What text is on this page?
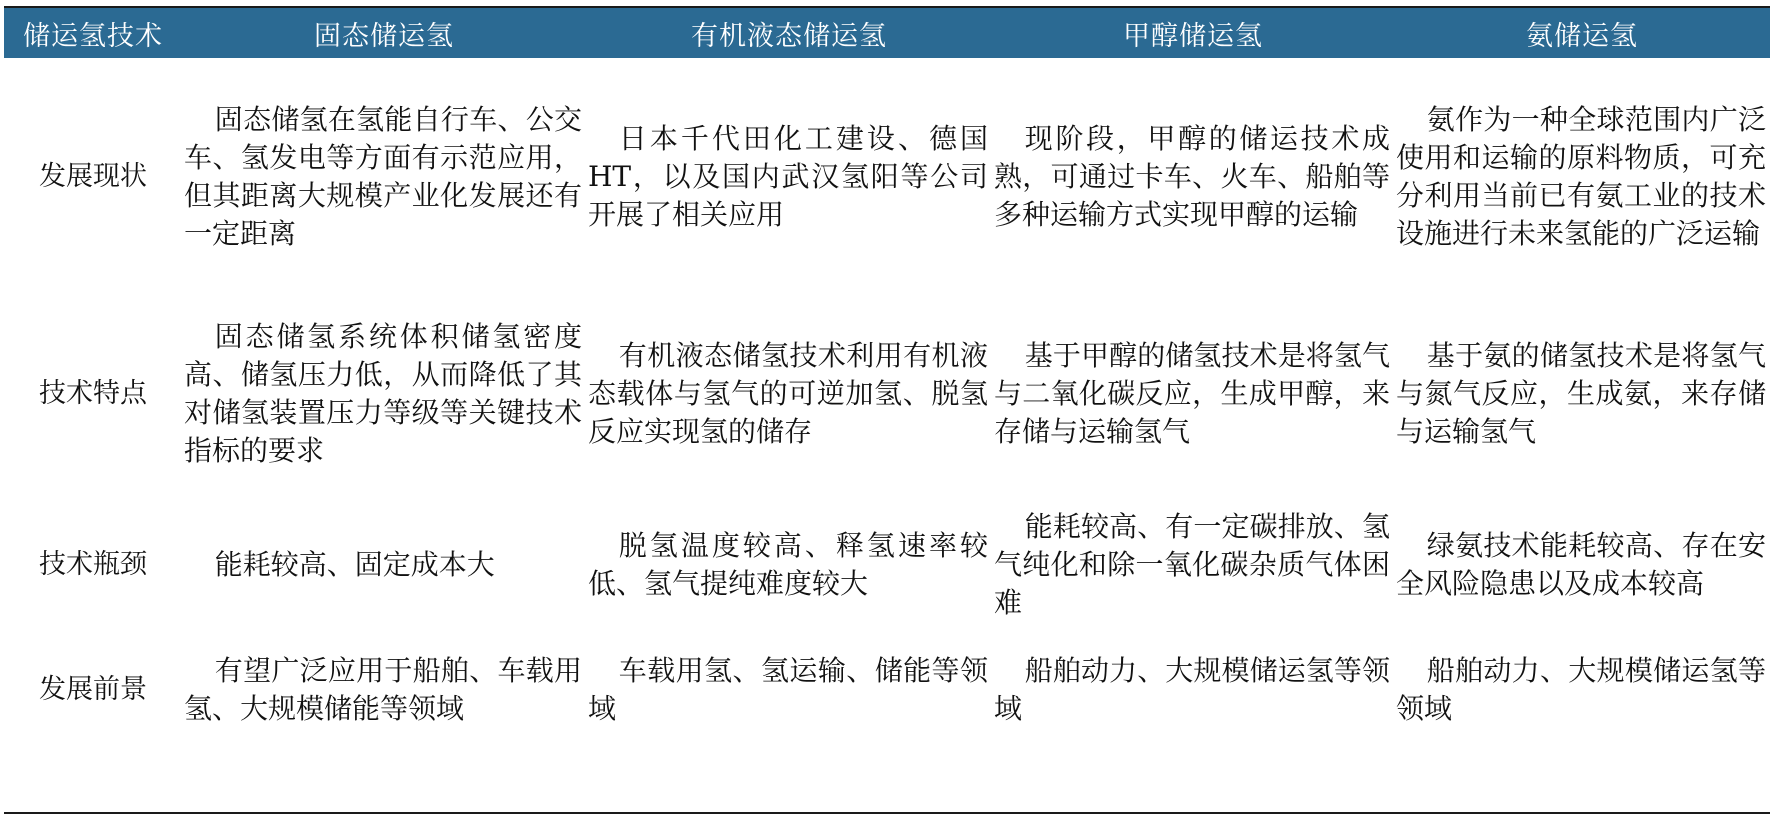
储运氢技术	固态储运氢	有机液态储运氢	甲醇储运氢	氨储运氢
发展现状	固态储氢在氢能自行车、公交车、氢发电等方面有示范应用，但其距离大规模产业化发展还有一定距离	日本千代田化工建设、德国HT，以及国内武汉氢阳等公司开展了相关应用	现阶段，甲醇的储运技术成熟，可通过卡车、火车、船舶等多种运输方式实现甲醇的运输	氨作为一种全球范围内广泛使用和运输的原料物质，可充分利用当前已有氨工业的技术设施进行未来氢能的广泛运输

技术特点	固态储氢系统体积储氢密度高、储氢压力低，从而降低了其对储氢装置压力等级等关键技术指标的要求	有机液态储氢技术利用有机液态载体与氢气的可逆加氢、脱氢反应实现氢的储存	基于甲醇的储氢技术是将氢气与二氧化碳反应，生成甲醇，来存储与运输氢气	基于氨的储氢技术是将氢气与氮气反应，生成氨，来存储与运输氢气

技术瓶颈	能耗较高、固定成本大	脱氢温度较高、释氢速率较低、氢气提纯难度较大	能耗较高、有一定碳排放、氢气纯化和除一氧化碳杂质气体困难	绿氨技术能耗较高、存在安全风险隐患以及成本较高

发展前景	有望广泛应用于船舶、车载用氢、大规模储能等领域	车载用氢、氢运输、储能等领域	船舶动力、大规模储运氢等领域	船舶动力、大规模储运氢等领域
